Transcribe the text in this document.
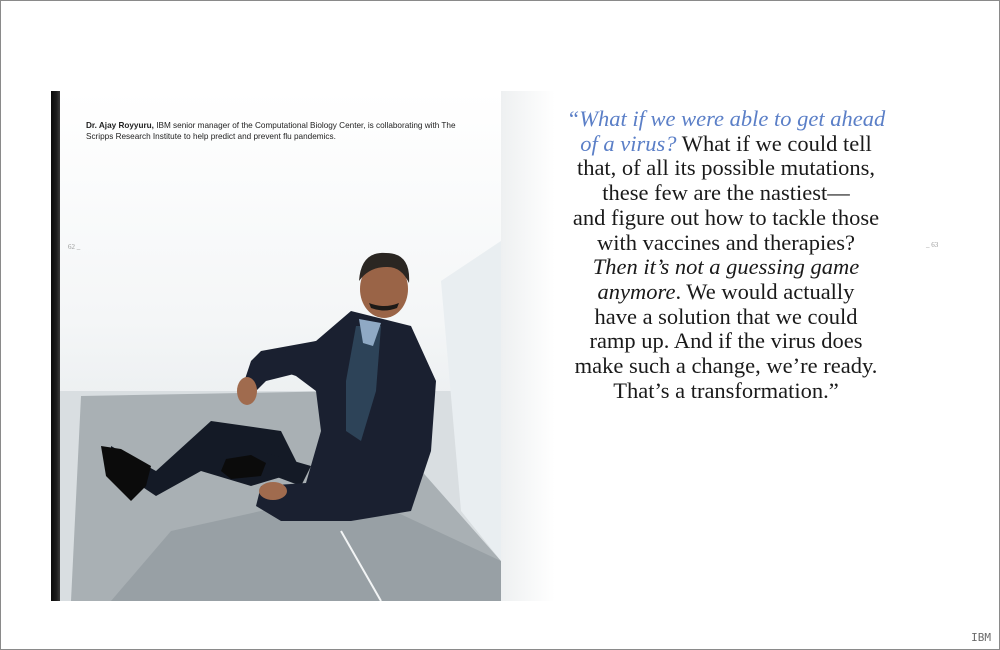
Dr. Ajay Royyuru, IBM senior manager of the Computational Biology Center, is collaborating with The Scripps Research Institute to help predict and prevent flu pandemics.

62 _

“What if we were able to get ahead
of a virus? What if we could tell
that, of all its possible mutations,
these few are the nastiest—
and figure out how to tackle those
with vaccines and therapies?
Then it’s not a guessing game
anymore. We would actually
have a solution that we could
ramp up. And if the virus does
make such a change, we’re ready.
That’s a transformation.”

_ 63
IBM
